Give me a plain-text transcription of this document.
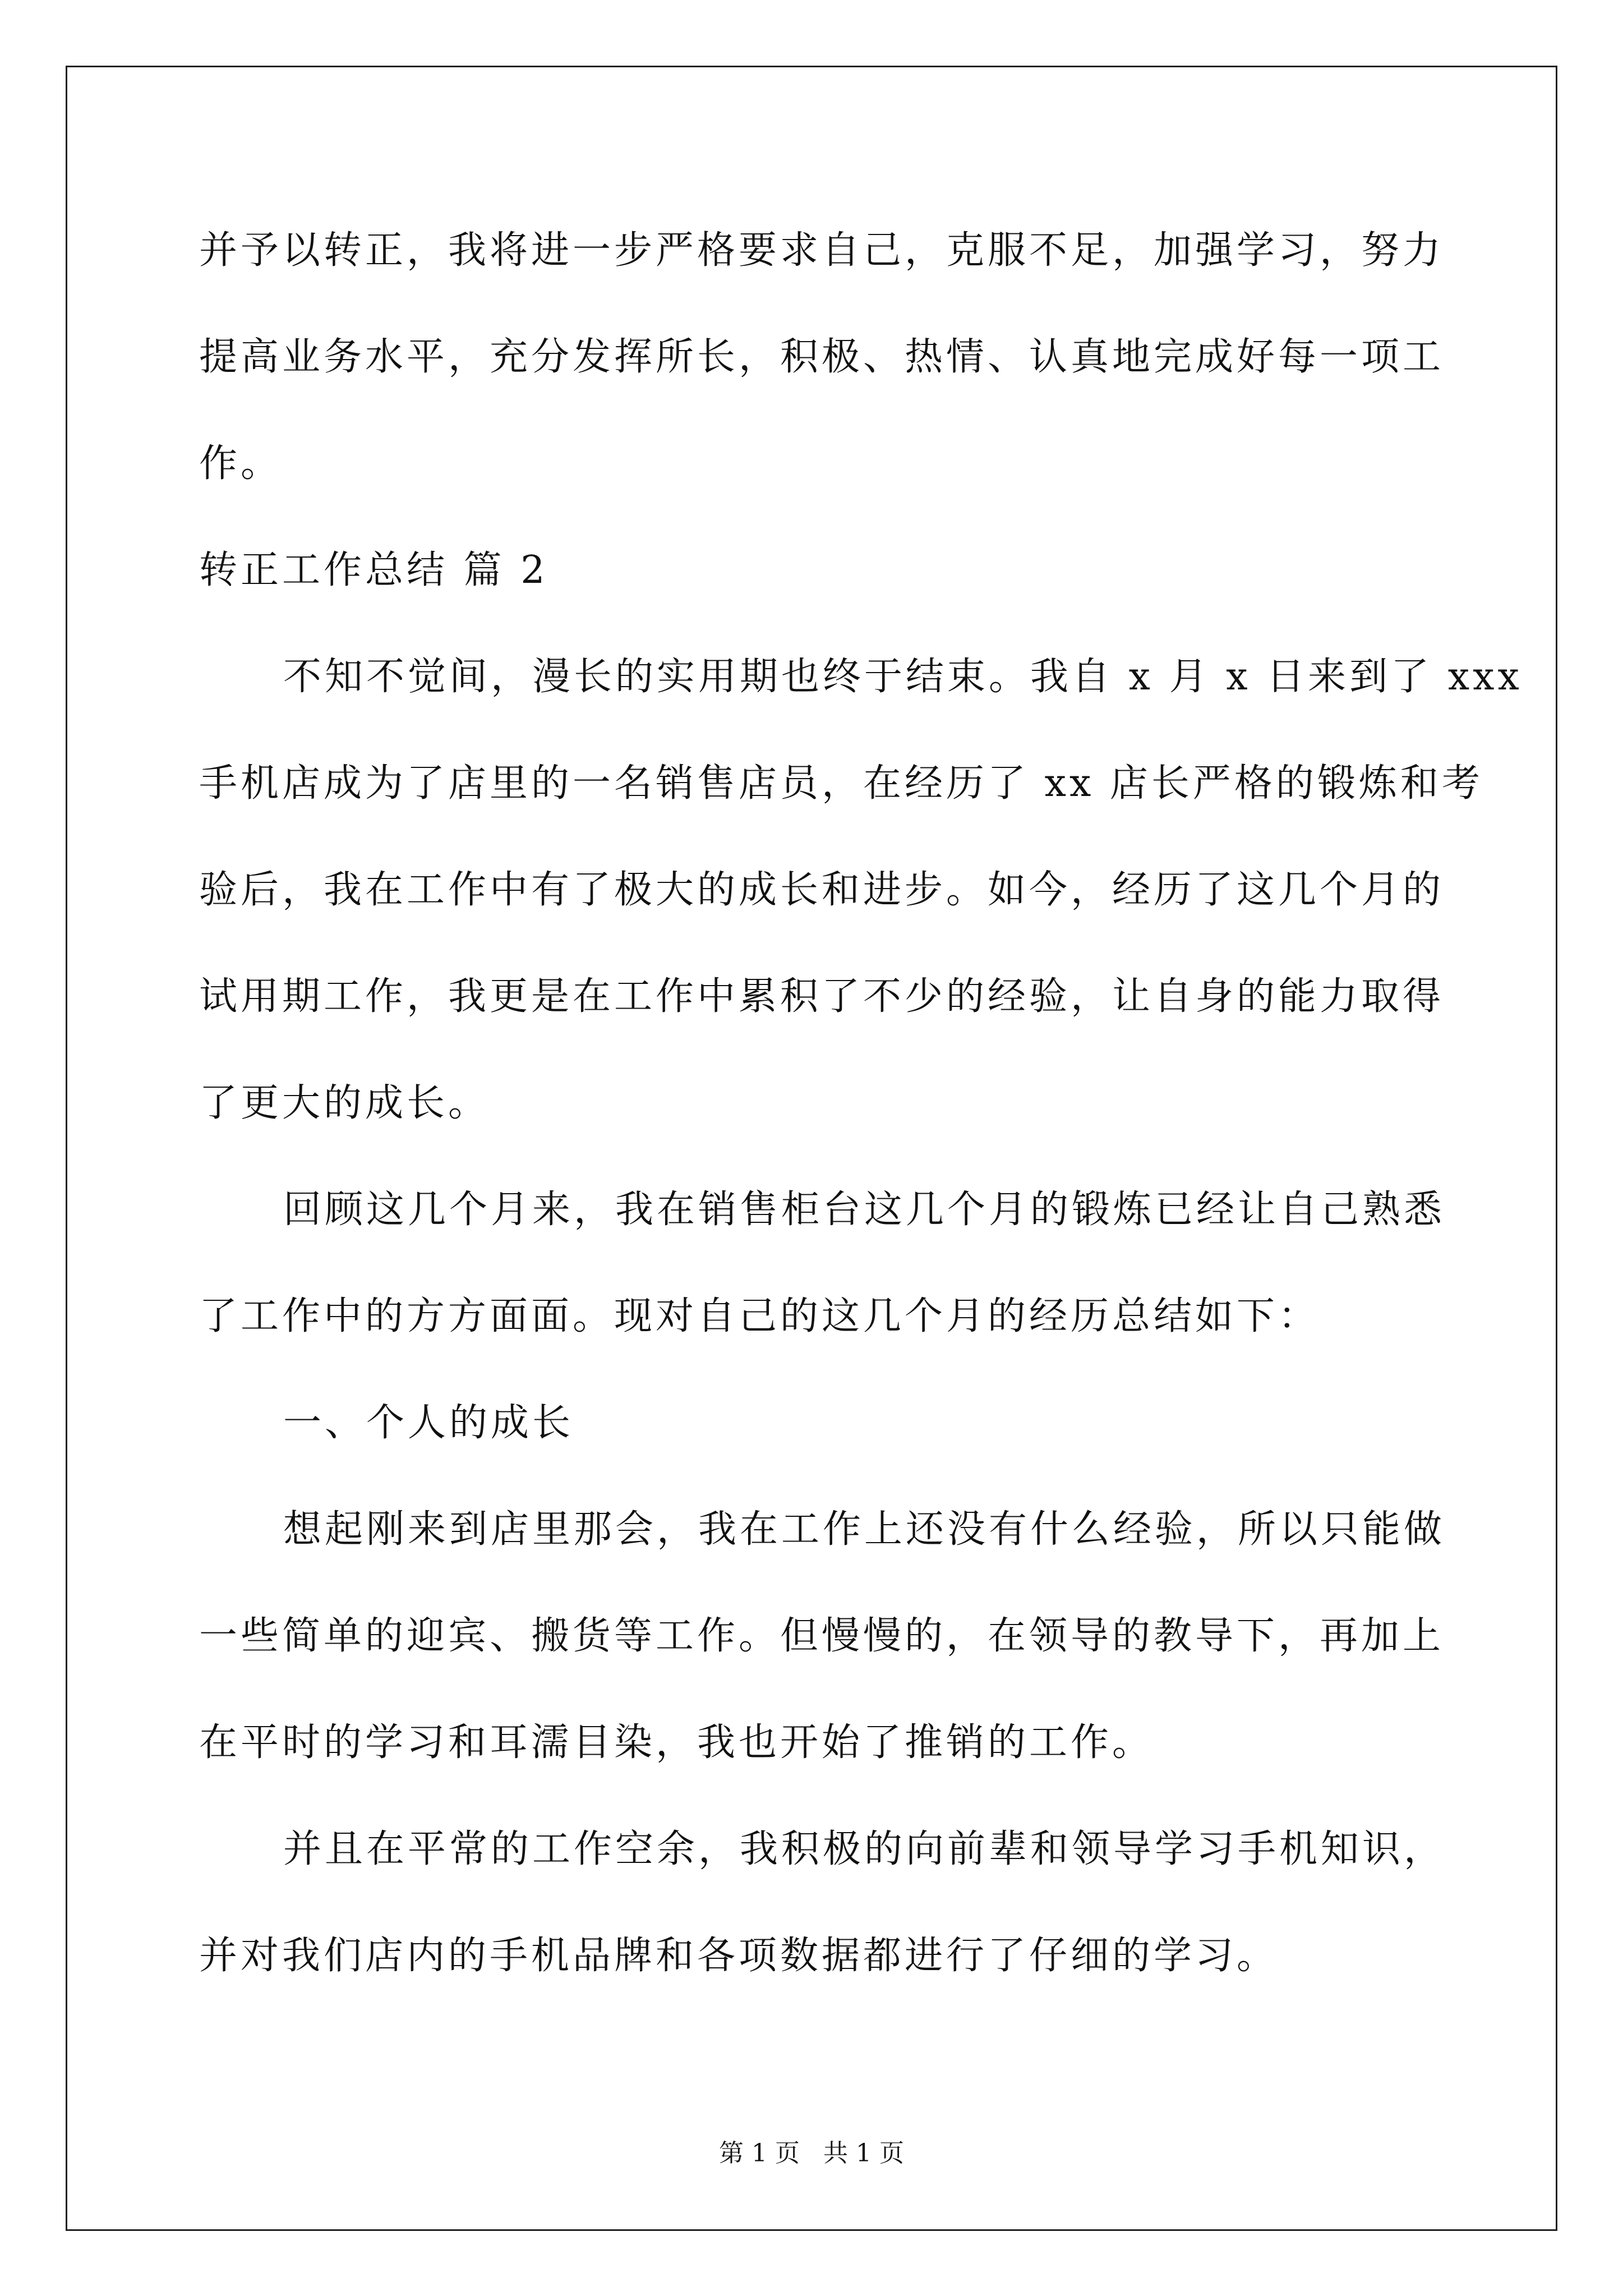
并予以转正，我将进一步严格要求自己，克服不足，加强学习，努力
提高业务水平，充分发挥所长，积极、热情、认真地完成好每一项工
作。
转正工作总结 篇 2
不知不觉间，漫长的实用期也终于结束。我自 x 月 x 日来到了 xxx
手机店成为了店里的一名销售店员，在经历了 xx 店长严格的锻炼和考
验后，我在工作中有了极大的成长和进步。如今，经历了这几个月的
试用期工作，我更是在工作中累积了不少的经验，让自身的能力取得
了更大的成长。
回顾这几个月来，我在销售柜台这几个月的锻炼已经让自己熟悉
了工作中的方方面面。现对自己的这几个月的经历总结如下：
一、个人的成长
想起刚来到店里那会，我在工作上还没有什么经验，所以只能做
一些简单的迎宾、搬货等工作。但慢慢的，在领导的教导下，再加上
在平时的学习和耳濡目染，我也开始了推销的工作。
并且在平常的工作空余，我积极的向前辈和领导学习手机知识，
并对我们店内的手机品牌和各项数据都进行了仔细的学习。
第 1 页   共 1 页
